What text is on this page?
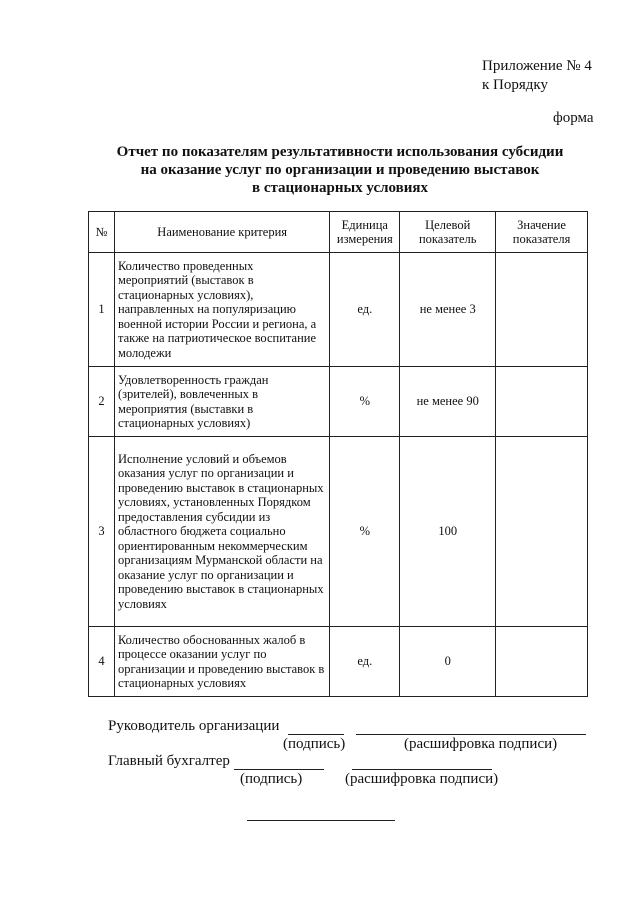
Приложение № 4
к Порядку
форма
Отчет по показателям результативности использования субсидии
на оказание услуг по организации и проведению выставок
в стационарных условиях
№	Наименование критерия	Единица измерения	Целевой показатель	Значение показателя
1	Количество проведенных мероприятий (выставок в стационарных условиях), направленных на популяризацию военной истории России и региона, а также на патриотическое воспитание молодежи	ед.	не менее 3	
2	Удовлетворенность граждан (зрителей), вовлеченных в мероприятия (выставки в стационарных условиях)	%	не менее 90	
3	Исполнение условий и объемов оказания услуг по организации и проведению выставок в стационарных условиях, установленных Порядком предоставления субсидии из областного бюджета социально ориентированным некоммерческим организациям Мурманской области на оказание услуг по организации и проведению выставок в стационарных условиях	%	100	
4	Количество обоснованных жалоб в процессе оказании услуг по организации и проведению выставок в стационарных условиях	ед.	0	
Руководитель организации
(подпись)	(расшифровка подписи)
Главный бухгалтер
(подпись)	(расшифровка подписи)
